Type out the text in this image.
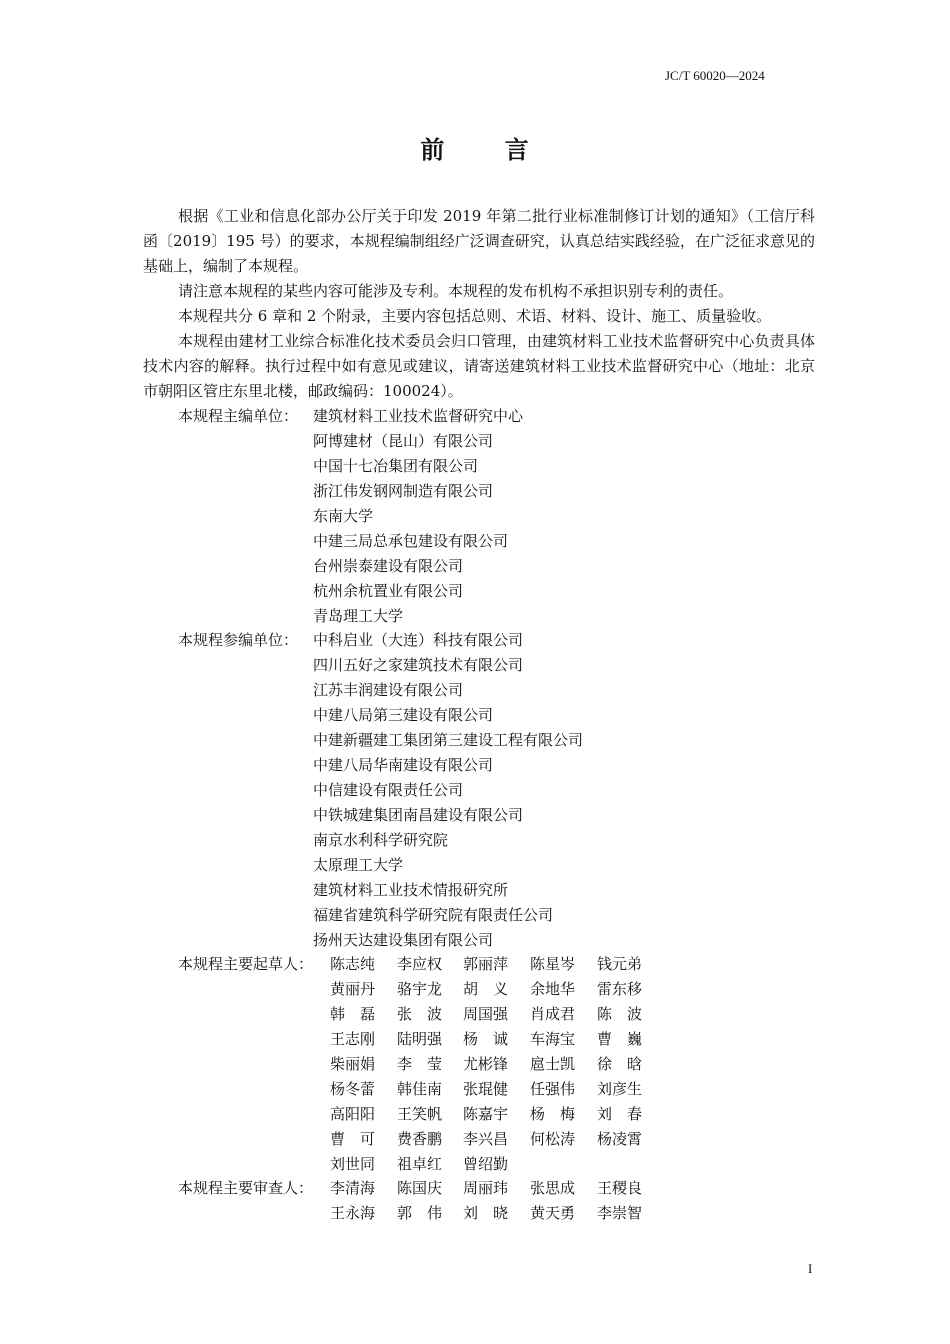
JC/T 60020—2024
前 言
根据《工业和信息化部办公厅关于印发 2019 年第二批行业标准制修订计划的通知》（工信厅科函〔2019〕195 号）的要求，本规程编制组经广泛调查研究，认真总结实践经验，在广泛征求意见的基础上，编制了本规程。
请注意本规程的某些内容可能涉及专利。本规程的发布机构不承担识别专利的责任。
本规程共分 6 章和 2 个附录，主要内容包括总则、术语、材料、设计、施工、质量验收。
本规程由建材工业综合标准化技术委员会归口管理，由建筑材料工业技术监督研究中心负责具体技术内容的解释。执行过程中如有意见或建议，请寄送建筑材料工业技术监督研究中心（地址：北京市朝阳区管庄东里北楼，邮政编码：100024）。
本规程主编单位： 建筑材料工业技术监督研究中心
阿博建材（昆山）有限公司
中国十七冶集团有限公司
浙江伟发钢网制造有限公司
东南大学
中建三局总承包建设有限公司
台州崇泰建设有限公司
杭州余杭置业有限公司
青岛理工大学
本规程参编单位： 中科启业（大连）科技有限公司
四川五好之家建筑技术有限公司
江苏丰润建设有限公司
中建八局第三建设有限公司
中建新疆建工集团第三建设工程有限公司
中建八局华南建设有限公司
中信建设有限责任公司
中铁城建集团南昌建设有限公司
南京水利科学研究院
太原理工大学
建筑材料工业技术情报研究所
福建省建筑科学研究院有限责任公司
扬州天达建设集团有限公司
本规程主要起草人： 陈志纯 李应权 郭丽萍 陈星岑 钱元弟
黄丽丹 骆宇龙 胡　义 余地华 雷东移
韩　磊 张　波 周国强 肖成君 陈　波
王志刚 陆明强 杨　诚 车海宝 曹　巍
柴丽娟 李　莹 尤彬锋 扈士凯 徐　晗
杨冬蕾 韩佳南 张琨健 任强伟 刘彦生
高阳阳 王笑帆 陈嘉宇 杨　梅 刘　春
曹　可 费香鹏 李兴昌 何松涛 杨凌霄
刘世同 祖卓红 曾绍勤
本规程主要审查人： 李清海 陈国庆 周丽玮 张思成 王稷良
王永海 郭　伟 刘　晓 黄天勇 李崇智
I
